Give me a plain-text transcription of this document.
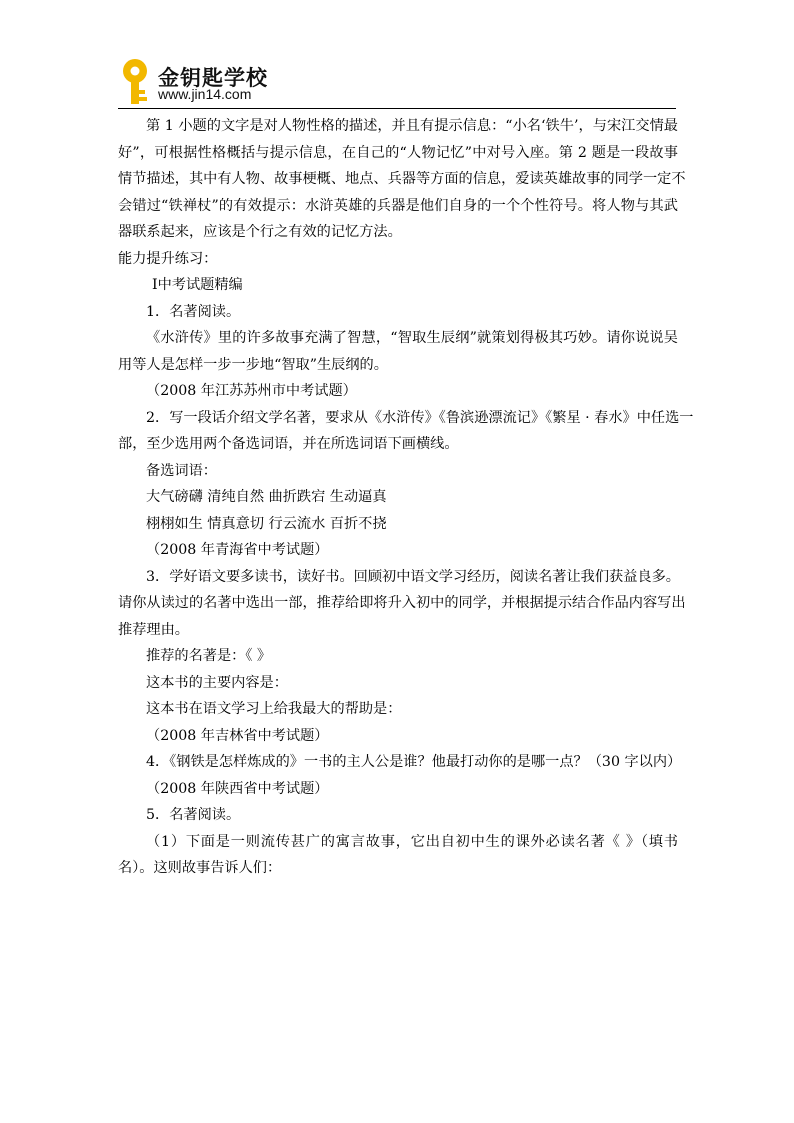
金钥匙学校
www.jin14.com
第 1 小题的文字是对人物性格的描述，并且有提示信息：“小名‘铁牛’，与宋江交情最
好”，可根据性格概括与提示信息，在自己的“人物记忆”中对号入座。第 2 题是一段故事
情节描述，其中有人物、故事梗概、地点、兵器等方面的信息，爱读英雄故事的同学一定不
会错过“铁禅杖”的有效提示：水浒英雄的兵器是他们自身的一个个性符号。将人物与其武
器联系起来，应该是个行之有效的记忆方法。
能力提升练习：
Ⅰ中考试题精编
1．名著阅读。
《水浒传》里的许多故事充满了智慧，“智取生辰纲”就策划得极其巧妙。请你说说吴
用等人是怎样一步一步地“智取”生辰纲的。
（2008 年江苏苏州市中考试题）
2．写一段话介绍文学名著，要求从《水浒传》《鲁滨逊漂流记》《繁星 · 春水》中任选一
部，至少选用两个备选词语，并在所选词语下画横线。
备选词语：
大气磅礴 清纯自然 曲折跌宕 生动逼真
栩栩如生 情真意切 行云流水 百折不挠
（2008 年青海省中考试题）
3．学好语文要多读书，读好书。回顾初中语文学习经历，阅读名著让我们获益良多。
请你从读过的名著中选出一部，推荐给即将升入初中的同学，并根据提示结合作品内容写出
推荐理由。
推荐的名著是：《 》
这本书的主要内容是：
这本书在语文学习上给我最大的帮助是：
（2008 年吉林省中考试题）
4．《钢铁是怎样炼成的》一书的主人公是谁？他最打动你的是哪一点？（30 字以内）
（2008 年陕西省中考试题）
5．名著阅读。
（1）下面是一则流传甚广的寓言故事，它出自初中生的课外必读名著《 》（填书
名）。这则故事告诉人们：
